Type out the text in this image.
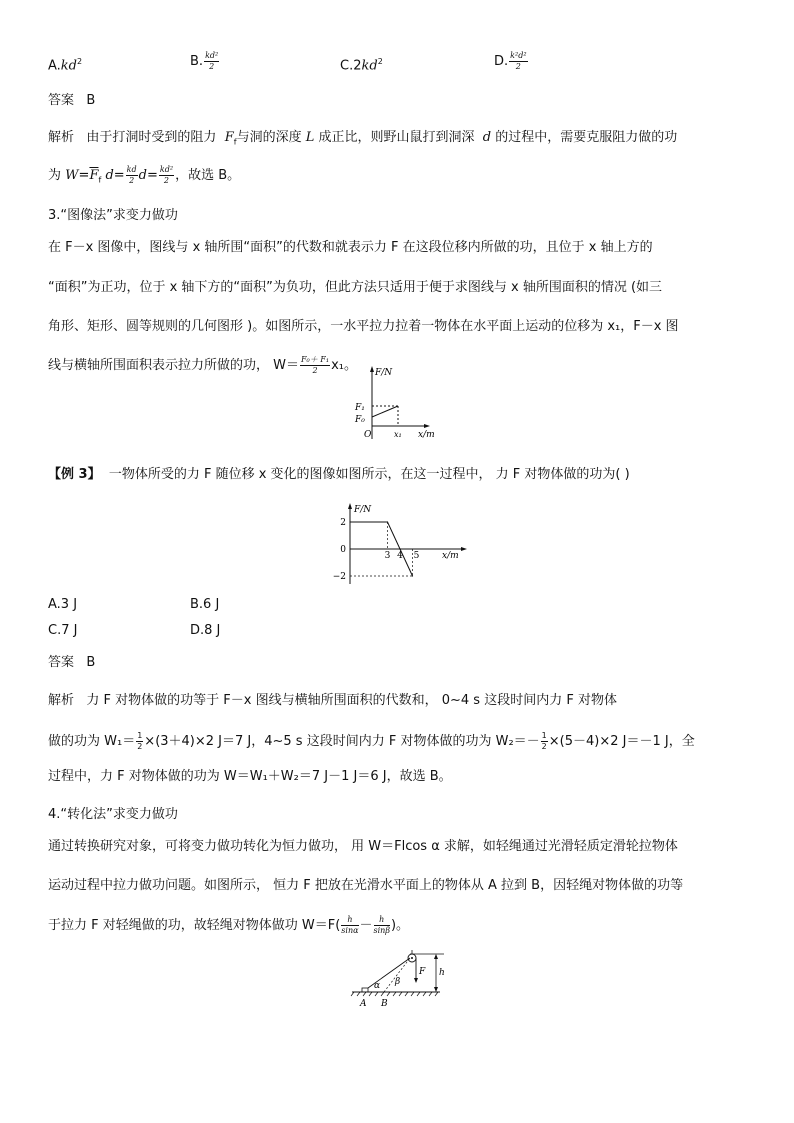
$A.kd^2$	B. $\frac{\text{kd²}}{2}$	$C.2kd^2$	D. $\frac{\text{k²d²}}{2}$
答案 B
解析 由于打洞时受到的阻力 $F_f$与洞的深度 L 成正比，则野山鼠打到洞深 d 的过程中，需要克服阻力做的功
为 $W=\overline{F}_f$ $d= \frac{kd}{2} d= \frac{\text{kd²}}{2}$ ，故选 B。
3.“图像法”求变力做功
在 F－x 图像中，图线与 x 轴所围“面积”的代数和就表示力 F 在这段位移内所做的功，且位于 x 轴上方的
“面积”为正功，位于 x 轴下方的“面积”为负功，但此方法只适用于便于求图线与 x 轴所围面积的情况 (如三
角形、矩形、圆等规则的几何图形 )。如图所示，一水平拉力拉着一物体在水平面上运动的位移为 x₁，F－x 图
线与横轴所围面积表示拉力所做的功， $W= \frac{\text{F₀＋ F₁}}{2} x_1$。 F/N
F₁
F₀
O	x₁ x/m
【例 3】 一物体所受的力 F 随位移 x 变化的图像如图所示，在这一过程中， 力 F 对物体做的功为( )
2
0
−2
3 4 5
F/N
x/m
A.3 J	B.6 J
C.7 J	D.8 J
答案 B
解析 力 F 对物体做的功等于 F－x 图线与横轴所围面积的代数和， 0~4 s 这段时间内力 F 对物体
做的功为 $W_1= \frac{1}{2} \times(3+4)\times 2$ J＝7 J，4~5 s 这段时间内力 F 对物体做的功为 $W_2=- \frac{1}{2} \times(5-4)\times 2$ J＝－1 J，全
过程中，力 F 对物体做的功为 W＝W₁＋W₂＝7 J－1 J＝6 J，故选 B。
4.“转化法”求变力做功
通过转换研究对象，可将变力做功转化为恒力做功， 用 W＝Flcos α 求解，如轻绳通过光滑轻质定滑轮拉物体
运动过程中拉力做功问题。如图所示， 恒力 F 把放在光滑水平面上的物体从 A 拉到 B，因轻绳对物体做的功等
于拉力 F 对轻绳做的功，故轻绳对物体做功 $W=F( \frac{h}{\sin\alpha} - \frac{h}{\sin\beta}$ )。
α β
F h
A B
